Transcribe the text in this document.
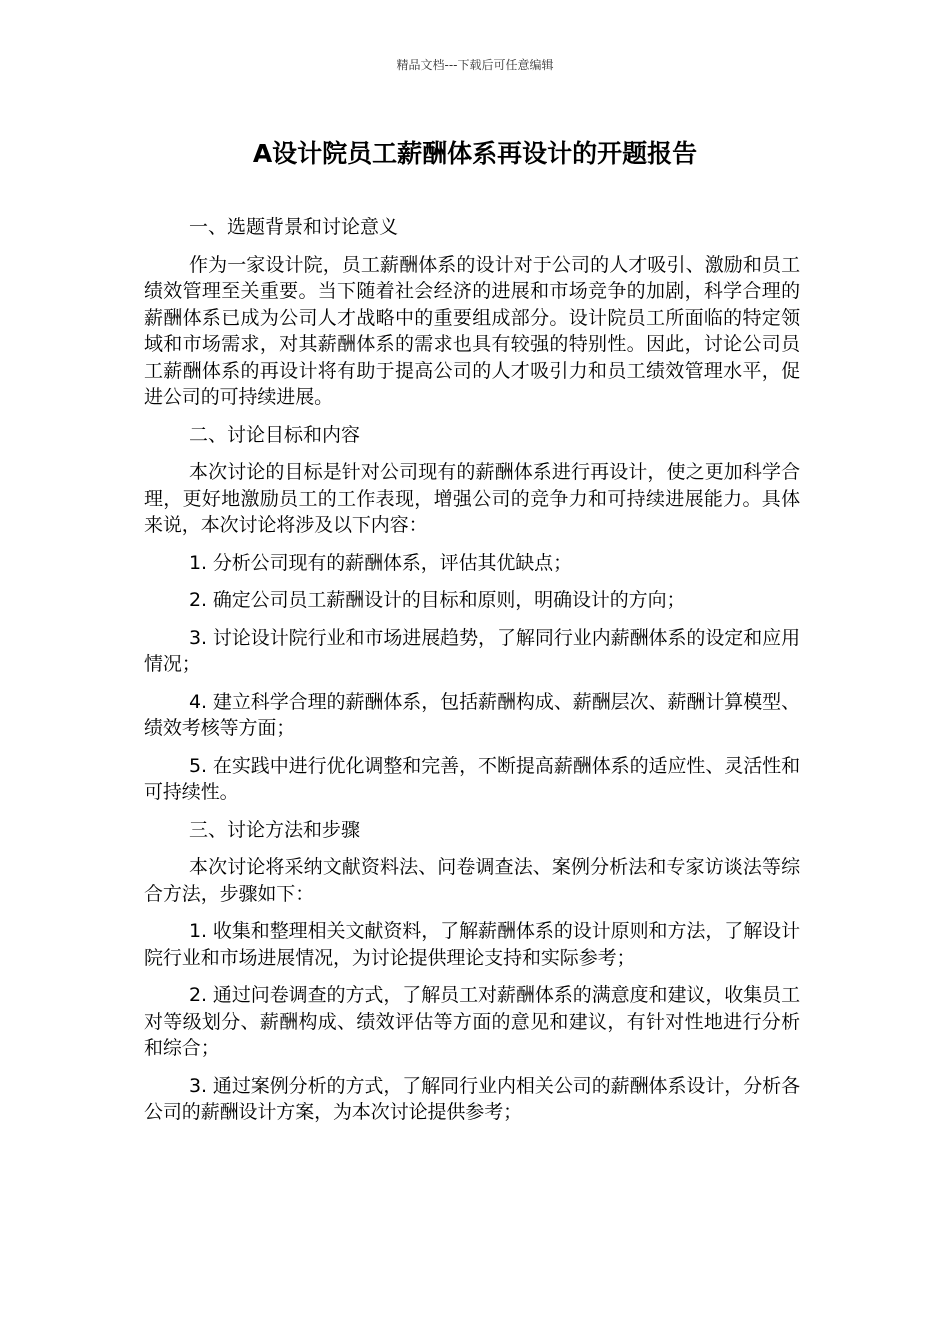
精品文档---下载后可任意编辑
A设计院员工薪酬体系再设计的开题报告

一、选题背景和讨论意义

作为一家设计院，员工薪酬体系的设计对于公司的人才吸引、激励和员工绩效管理至关重要。当下随着社会经济的进展和市场竞争的加剧，科学合理的薪酬体系已成为公司人才战略中的重要组成部分。设计院员工所面临的特定领域和市场需求，对其薪酬体系的需求也具有较强的特别性。因此，讨论公司员工薪酬体系的再设计将有助于提高公司的人才吸引力和员工绩效管理水平，促进公司的可持续进展。

二、讨论目标和内容

本次讨论的目标是针对公司现有的薪酬体系进行再设计，使之更加科学合理，更好地激励员工的工作表现，增强公司的竞争力和可持续进展能力。具体来说，本次讨论将涉及以下内容：

1. 分析公司现有的薪酬体系，评估其优缺点；

2. 确定公司员工薪酬设计的目标和原则，明确设计的方向；

3. 讨论设计院行业和市场进展趋势，了解同行业内薪酬体系的设定和应用情况；

4. 建立科学合理的薪酬体系，包括薪酬构成、薪酬层次、薪酬计算模型、绩效考核等方面；

5. 在实践中进行优化调整和完善，不断提高薪酬体系的适应性、灵活性和可持续性。

三、讨论方法和步骤

本次讨论将采纳文献资料法、问卷调查法、案例分析法和专家访谈法等综合方法，步骤如下：

1. 收集和整理相关文献资料，了解薪酬体系的设计原则和方法，了解设计院行业和市场进展情况，为讨论提供理论支持和实际参考；

2. 通过问卷调查的方式，了解员工对薪酬体系的满意度和建议，收集员工对等级划分、薪酬构成、绩效评估等方面的意见和建议，有针对性地进行分析和综合；

3. 通过案例分析的方式，了解同行业内相关公司的薪酬体系设计，分析各公司的薪酬设计方案，为本次讨论提供参考；
